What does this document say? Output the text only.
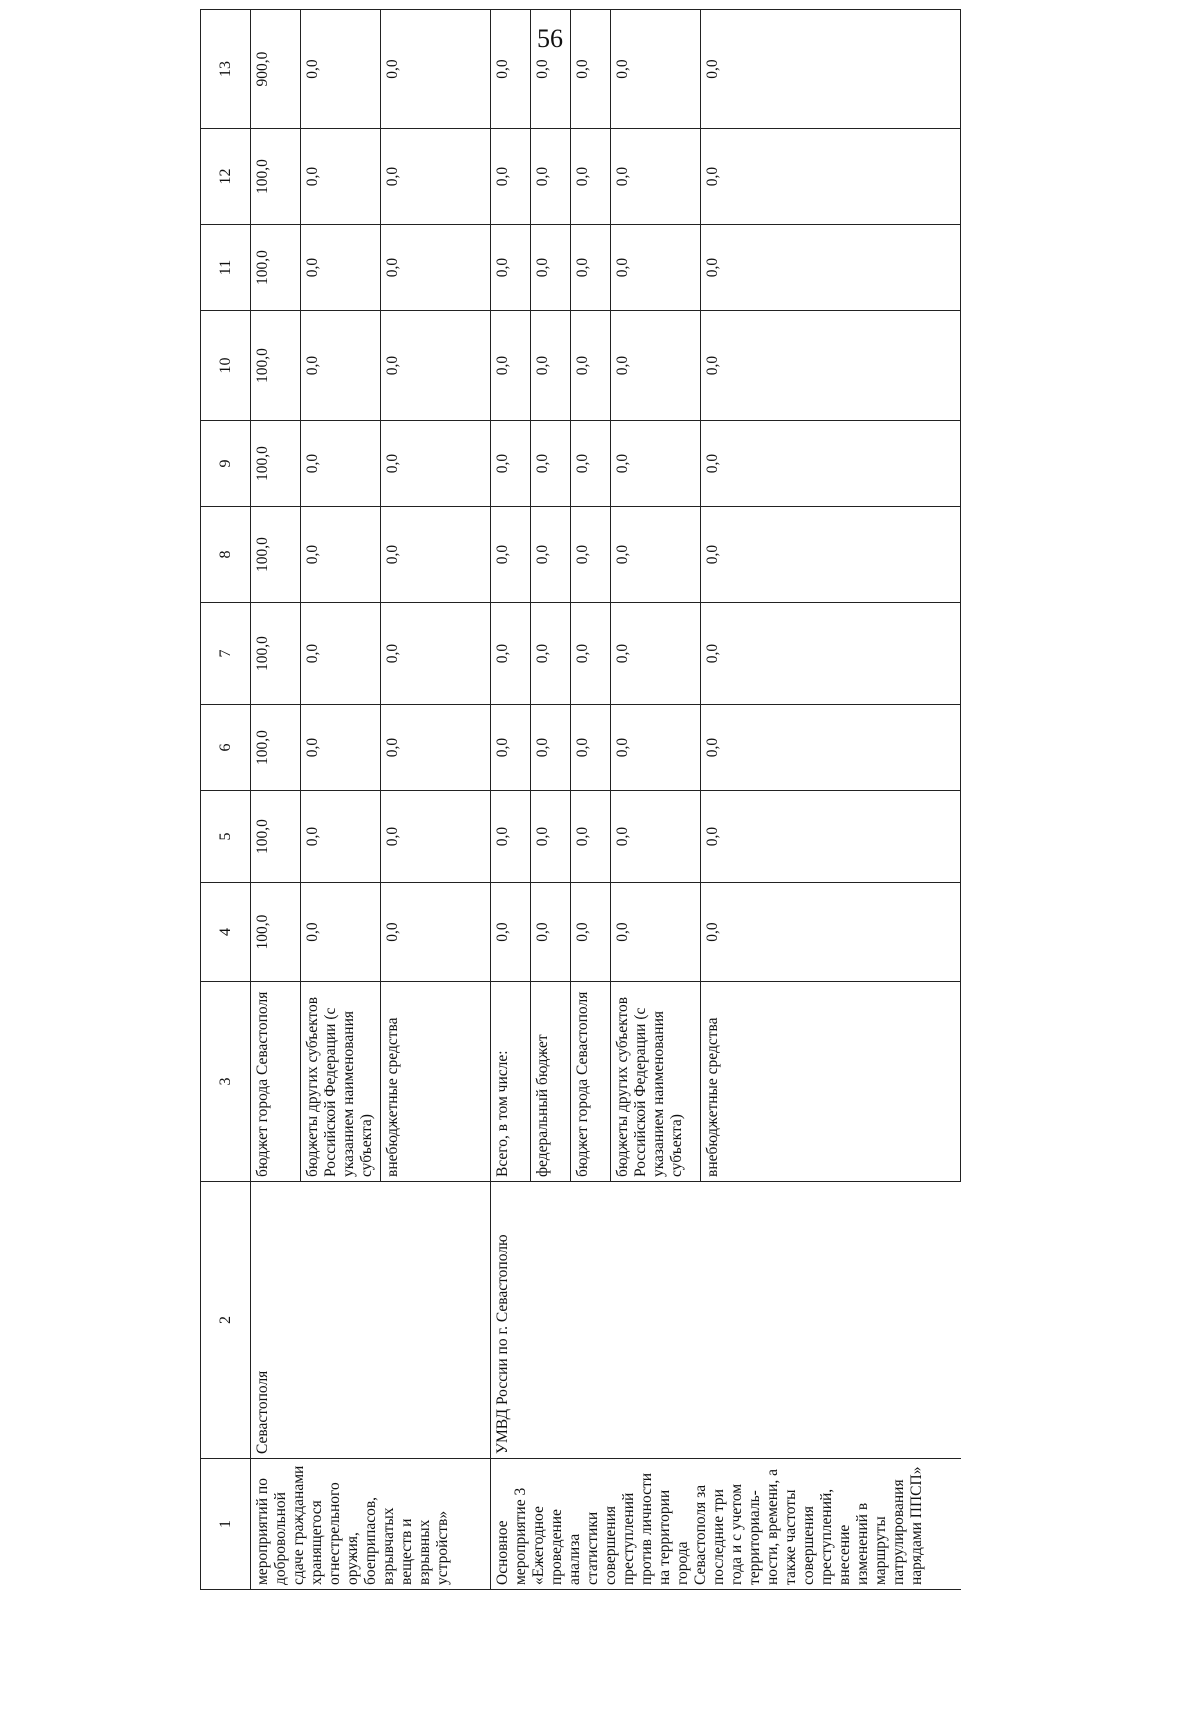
56
1	2	3	4	5	6	7	8	9	10	11	12	13
мероприятий по добровольной сдаче гражданами хранящегося огнестрельного оружия, боеприпасов, взрывчатых веществ и взрывных устройств»	Севастополя	бюджет города Севастополя	100,0	100,0	100,0	100,0	100,0	100,0	100,0	100,0	100,0	900,0
		бюджеты других субъектов Российской Федерации (с указанием наименования субъекта)	0,0	0,0	0,0	0,0	0,0	0,0	0,0	0,0	0,0	0,0
		внебюджетные средства	0,0	0,0	0,0	0,0	0,0	0,0	0,0	0,0	0,0	0,0
Основное мероприятие 3 «Ежегодное проведение анализа статистики совершения преступлений против личности на территории города Севастополя за последние три года и с учетом территориаль-ности, времени, а также частоты совершения преступлений, внесение изменений в маршруты патрулирования нарядами ППСП»	УМВД России по г. Севастополю	Всего, в том числе:	0,0	0,0	0,0	0,0	0,0	0,0	0,0	0,0	0,0	0,0
		федеральный бюджет	0,0	0,0	0,0	0,0	0,0	0,0	0,0	0,0	0,0	0,0
		бюджет города Севастополя	0,0	0,0	0,0	0,0	0,0	0,0	0,0	0,0	0,0	0,0
		бюджеты других субъектов Российской Федерации (с указанием наименования субъекта)	0,0	0,0	0,0	0,0	0,0	0,0	0,0	0,0	0,0	0,0
		внебюджетные средства	0,0	0,0	0,0	0,0	0,0	0,0	0,0	0,0	0,0	0,0
